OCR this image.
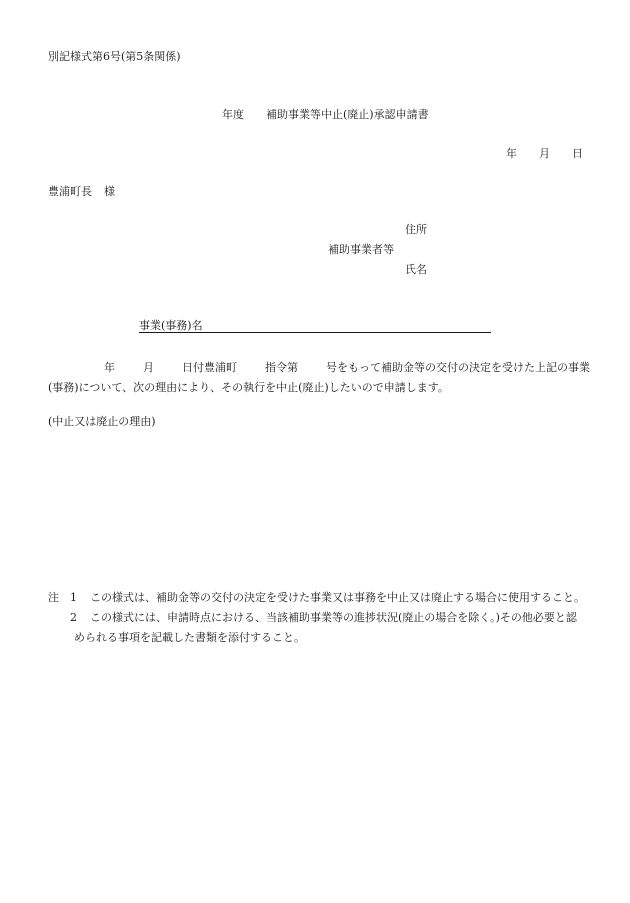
別記様式第6号(第5条関係)
年度 補助事業等中止(廃止)承認申請書
年 月 日
豊浦町長 様
住所
補助事業者等
氏名
事業(事務)名
年	月	日付豊浦町	指令第	号をもって補助金等の交付の決定を受けた上記の事業
(事務)について、次の理由により、その執行を中止(廃止)したいので申請します。
(中止又は廃止の理由)
注	1	この様式は、補助金等の交付の決定を受けた事業又は事務を中止又は廃止する場合に使用すること。
2	この様式には、申請時点における、当該補助事業等の進捗状況(廃止の場合を除く。)その他必要と認
められる事項を記載した書類を添付すること。
